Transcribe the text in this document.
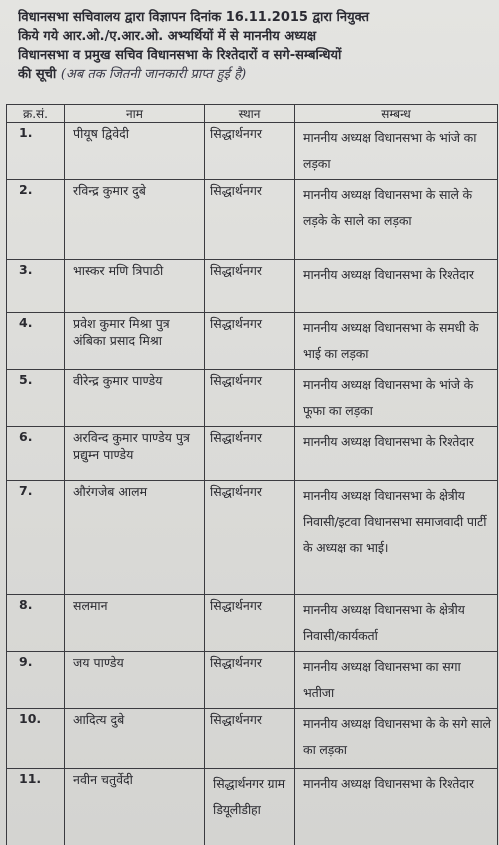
विधानसभा सचिवालय द्वारा विज्ञापन दिनांक 16.11.2015 द्वारा नियुक्त
किये गये आर.ओ./ए.आर.ओ. अभ्यर्थियों में से माननीय अध्यक्ष
विधानसभा व प्रमुख सचिव विधानसभा के रिश्तेदारों व सगे-सम्बन्धियों
की सूची (अब तक जितनी जानकारी प्राप्त हुई है)
क्र.सं.	नाम	स्थान	सम्बन्ध
1.	पीयूष द्विवेदी	सिद्धार्थनगर	माननीय अध्यक्ष विधानसभा के भांजे का लड़का
2.	रविन्द्र कुमार दुबे	सिद्धार्थनगर	माननीय अध्यक्ष विधानसभा के साले के लड़के के साले का लड़का
3.	भास्कर मणि त्रिपाठी	सिद्धार्थनगर	माननीय अध्यक्ष विधानसभा के रिश्तेदार
4.	प्रवेश कुमार मिश्रा पुत्र अंबिका प्रसाद मिश्रा	सिद्धार्थनगर	माननीय अध्यक्ष विधानसभा के समधी के भाई का लड़का
5.	वीरेन्द्र कुमार पाण्डेय	सिद्धार्थनगर	माननीय अध्यक्ष विधानसभा के भांजे के फूफा का लड़का
6.	अरविन्द कुमार पाण्डेय पुत्र प्रद्युम्न पाण्डेय	सिद्धार्थनगर	माननीय अध्यक्ष विधानसभा के रिश्तेदार
7.	औरंगजेब आलम	सिद्धार्थनगर	माननीय अध्यक्ष विधानसभा के क्षेत्रीय निवासी/इटवा विधानसभा समाजवादी पार्टी के अध्यक्ष का भाई।
8.	सलमान	सिद्धार्थनगर	माननीय अध्यक्ष विधानसभा के क्षेत्रीय निवासी/कार्यकर्ता
9.	जय पाण्डेय	सिद्धार्थनगर	माननीय अध्यक्ष विधानसभा का सगा भतीजा
10.	आदित्य दुबे	सिद्धार्थनगर	माननीय अध्यक्ष विधानसभा के के सगे साले का लड़का
11.	नवीन चतुर्वेदी	सिद्धार्थनगर ग्राम डियूलीडीहा	माननीय अध्यक्ष विधानसभा के रिश्तेदार
